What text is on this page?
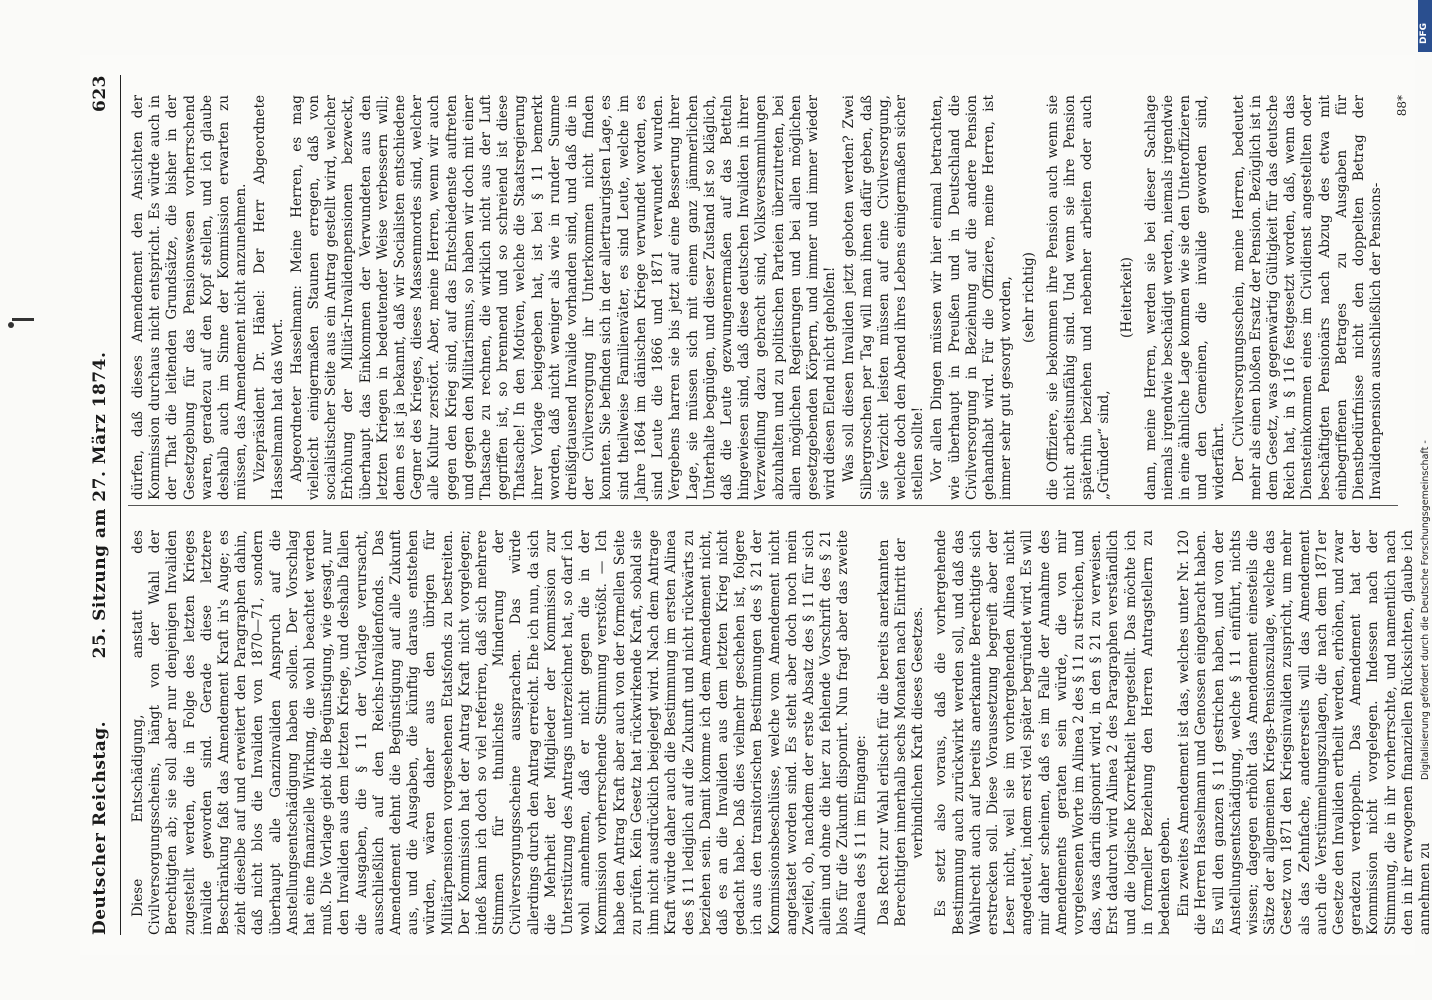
Deutscher Reichstag.
25. Sitzung am 27. März 1874.
623

Diese Entschädigung, anstatt des Civilversorgungsscheins, hängt von der Wahl der Berechtigten ab; sie soll aber nur denjenigen Invaliden zugestellt werden, die in Folge des letzten Krieges invalide geworden sind. Gerade diese letztere Beschränkung faßt das Amendement Kraft in's Auge; es zieht dieselbe auf und erweitert den Paragraphen dahin, daß nicht blos die Invaliden von 1870—71, sondern überhaupt alle Ganzinvaliden Anspruch auf die Anstellungsentschädigung haben sollen. Der Vorschlag hat eine finanzielle Wirkung, die wohl beachtet werden muß. Die Vorlage giebt die Begünstigung, wie gesagt, nur den Invaliden aus dem letzten Kriege, und deshalb fallen die Ausgaben, die § 11 der Vorlage verursacht, ausschließlich auf den Reichs-Invalidenfonds. Das Amendement dehnt die Begünstigung auf alle Zukunft aus, und die Ausgaben, die künftig daraus entstehen würden, wären daher aus den übrigen für Militärpensionen vorgesehenen Etatsfonds zu bestreiten. Der Kommission hat der Antrag Kraft nicht vorgelegen; indeß kann ich doch so viel referiren, daß sich mehrere Stimmen für thunlichste Minderung der Civilversorgungsscheine aussprachen. Das würde allerdings durch den Antrag erreicht. Ehe ich nun, da sich die Mehrheit der Mitglieder der Kommission zur Unterstützung des Antrags unterzeichnet hat, so darf ich wohl annehmen, daß er nicht gegen die in der Kommission vorherrschende Stimmung verstößt. — Ich habe den Antrag Kraft aber auch von der formellen Seite zu prüfen. Kein Gesetz hat rückwirkende Kraft, sobald sie ihm nicht ausdrücklich beigelegt wird. Nach dem Antrage Kraft würde daher auch die Bestimmung im ersten Alinea des § 11 lediglich auf die Zukunft und nicht rückwärts zu beziehen sein. Damit komme ich dem Amendement nicht, daß es an die Invaliden aus dem letzten Krieg nicht gedacht habe. Daß dies vielmehr geschehen ist, folgere ich aus den transitorischen Bestimmungen des § 21 der Kommissionsbeschlüsse, welche vom Amendement nicht angetastet worden sind. Es steht aber doch noch mein Zweifel, ob, nachdem der erste Absatz des § 11 für sich allein und ohne die hier zu fehlende Vorschrift des § 21 blos für die Zukunft disponirt. Nun fragt aber das zweite Alinea des § 11 im Eingange: Das Recht zur Wahl erlischt für die bereits anerkannten Berechtigten innerhalb sechs Monaten nach Eintritt der verbindlichen Kraft dieses Gesetzes. Es setzt also voraus, daß die vorhergehende Bestimmung auch zurückwirkt werden soll, und daß das Wahlrecht auch auf bereits anerkannte Berechtigte sich erstrecken soll. Diese Voraussetzung begreift aber der Leser nicht, weil sie im vorhergehenden Alinea nicht angedeutet, indem erst viel später begründet wird. Es will mir daher scheinen, daß es im Falle der Annahme des Amendements geraten sein würde, die von mir vorgelesenen Worte im Alinea 2 des § 11 zu streichen, und das, was darin disponirt wird, in den § 21 zu verweisen. Erst dadurch wird Alinea 2 des Paragraphen verständlich und die logische Korrektheit hergestellt. Das möchte ich in formeller Beziehung den Herren Antragstellern zu bedenken geben. Ein zweites Amendement ist das, welches unter Nr. 120 die Herren Hasselmann und Genossen eingebracht haben. Es will den ganzen § 11 gestrichen haben, und von der Anstellungsentschädigung, welche § 11 einführt, nichts wissen; dagegen erhöht das Amendement einesteils die Sätze der allgemeinen Kriegs-Pensionszulage, welche das Gesetz von 1871 den Kriegsinvaliden zuspricht, um mehr als das Zehnfache, andererseits will das Amendement auch die Verstümmelungszulagen, die nach dem 1871er Gesetze den Invaliden ertheilt werden, erhöhen, und zwar geradezu verdoppeln. Das Amendement hat der Kommission nicht vorgelegen. Indessen nach der Stimmung, die in ihr vorherrschte, und namentlich nach den in ihr erwogenen finanziellen Rücksichten, glaube ich annehmen zu

dürfen, daß dieses Amendement den Ansichten der Kommission durchaus nicht entspricht. Es würde auch in der That die leitenden Grundsätze, die bisher in der Gesetzgebung für das Pensionswesen vorherrschend waren, geradezu auf den Kopf stellen, und ich glaube deshalb auch im Sinne der Kommission erwarten zu müssen, das Amendement nicht anzunehmen. Vizepräsident Dr. Hänel: Der Herr Abgeordnete Hasselmann hat das Wort. Abgeordneter Hasselmann: Meine Herren, es mag vielleicht einigermaßen Staunen erregen, daß von socialistischer Seite aus ein Antrag gestellt wird, welcher Erhöhung der Militär-Invalidenpensionen bezweckt, überhaupt das Einkommen der Verwundeten aus den letzten Kriegen in bedeutender Weise verbessern will; denn es ist ja bekannt, daß wir Socialisten entschiedene Gegner des Krieges, dieses Massenmordes sind, welcher alle Kultur zerstört. Aber, meine Herren, wenn wir auch gegen den Krieg sind, auf das Entschiedenste auftreten und gegen den Militarismus, so haben wir doch mit einer Thatsache zu rechnen, die wirklich nicht aus der Luft gegriffen ist, so brennend und so schreiend ist diese Thatsache! In den Motiven, welche die Staatsregierung ihrer Vorlage beigegeben hat, ist bei § 11 bemerkt worden, daß nicht weniger als wie in runder Summe dreißigtausend Invalide vorhanden sind, und daß die in der Civilversorgung ihr Unterkommen nicht finden konnten. Sie befinden sich in der allertraurigsten Lage, es sind theilweise Familienväter, es sind Leute, welche im Jahre 1864 im dänischen Kriege verwundet worden, es sind Leute die 1866 und 1871 verwundet wurden. Vergebens harren sie bis jetzt auf eine Besserung ihrer Lage, sie müssen sich mit einem ganz jämmerlichen Unterhalte begnügen, und dieser Zustand ist so kläglich, daß die Leute gezwungenermaßen auf das Betteln hingewiesen sind, daß diese deutschen Invaliden in ihrer Verzweiflung dazu gebracht sind, Volksversammlungen abzuhalten und zu politischen Parteien überzutreten, bei allen möglichen Regierungen und bei allen möglichen gesetzgebenden Körpern, und immer und immer wieder wird diesen Elend nicht geholfen! Was soll diesen Invaliden jetzt geboten werden? Zwei Silbergroschen per Tag will man ihnen dafür geben, daß sie Verzicht leisten müssen auf eine Civilversorgung, welche doch den Abend ihres Lebens einigermaßen sicher stellen sollte! Vor allen Dingen müssen wir hier einmal betrachten, wie überhaupt in Preußen und in Deutschland die Civilversorgung in Beziehung auf die andere Pension gehandhabt wird. Für die Offiziere, meine Herren, ist immer sehr gut gesorgt worden, (sehr richtig) die Offiziere, sie bekommen ihre Pension auch wenn sie nicht arbeitsunfähig sind. Und wenn sie ihre Pension späterhin beziehen und nebenher arbeiten oder auch „Gründer“ sind,

(Heiterkeit) dann, meine Herren, werden sie bei dieser Sachlage niemals irgendwie beschädigt werden, niemals irgendwie in eine ähnliche Lage kommen wie sie den Unteroffizieren und den Gemeinen, die invalide geworden sind, widerfährt. Der Civilversorgungsschein, meine Herren, bedeutet mehr als einen bloßen Ersatz der Pension. Bezüglich ist in dem Gesetz, was gegenwärtig Gültigkeit für das deutsche Reich hat, in § 116 festgesetzt worden, daß, wenn das Diensteinkommen eines im Civildienst angestellten oder beschäftigten Pensionärs nach Abzug des etwa mit einbegriffenen Betrages zu Ausgaben für Dienstbedürfnisse nicht den doppelten Betrag der Invalidenpension ausschließlich der Pensions-

88*
DFG
Digitalisierung gefördert durch die Deutsche Forschungsgemeinschaft -
